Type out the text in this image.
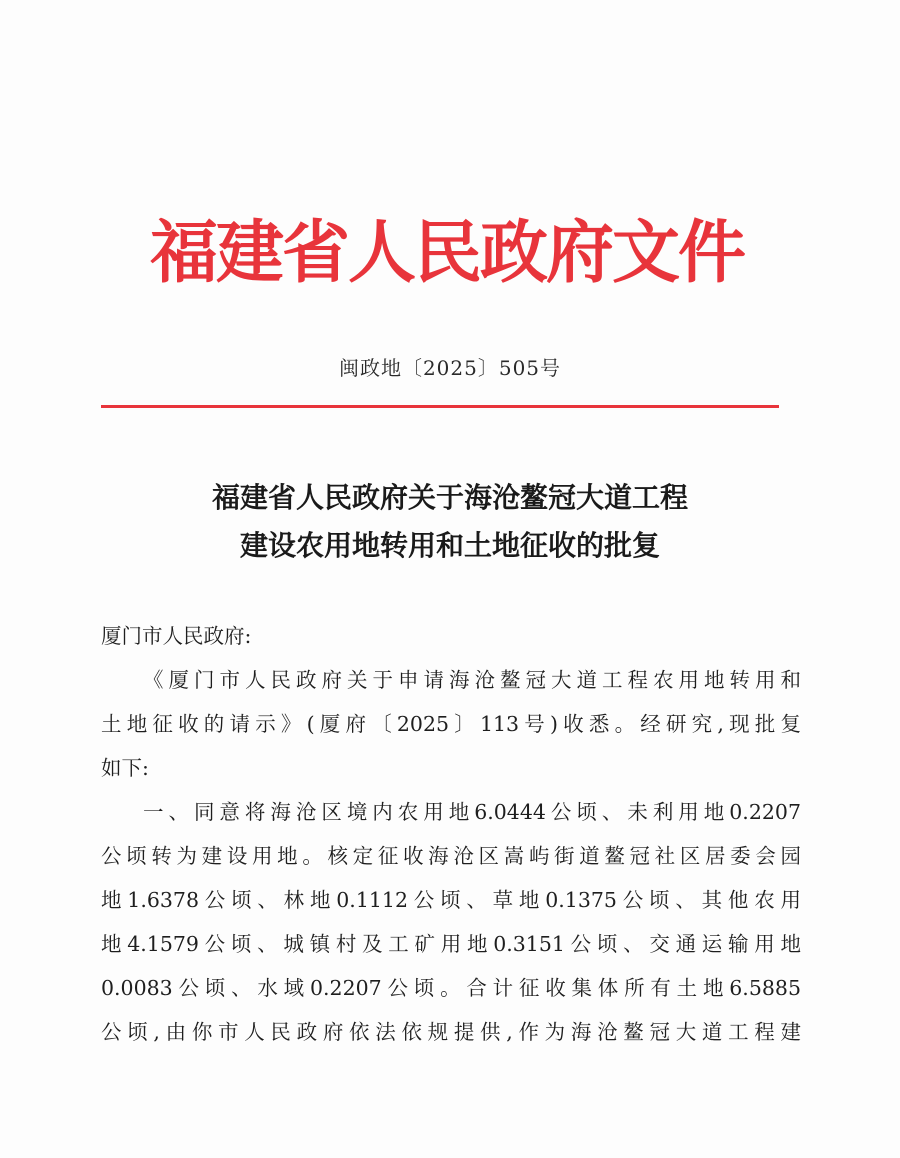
福建省人民政府文件
闽政地〔2025〕505号
福建省人民政府关于海沧鳌冠大道工程
建设农用地转用和土地征收的批复
厦门市人民政府:
《厦门市人民政府关于申请海沧鳌冠大道工程农用地转用和
土地征收的请示》(厦府〔2025〕113号)收悉。经研究,现批复
如下:
一、同意将海沧区境内农用地6.0444公顷、未利用地0.2207
公顷转为建设用地。核定征收海沧区嵩屿街道鳌冠社区居委会园
地1.6378公顷、林地0.1112公顷、草地0.1375公顷、其他农用
地4.1579公顷、城镇村及工矿用地0.3151公顷、交通运输用地
0.0083公顷、水域0.2207公顷。合计征收集体所有土地6.5885
公顷,由你市人民政府依法依规提供,作为海沧鳌冠大道工程建
